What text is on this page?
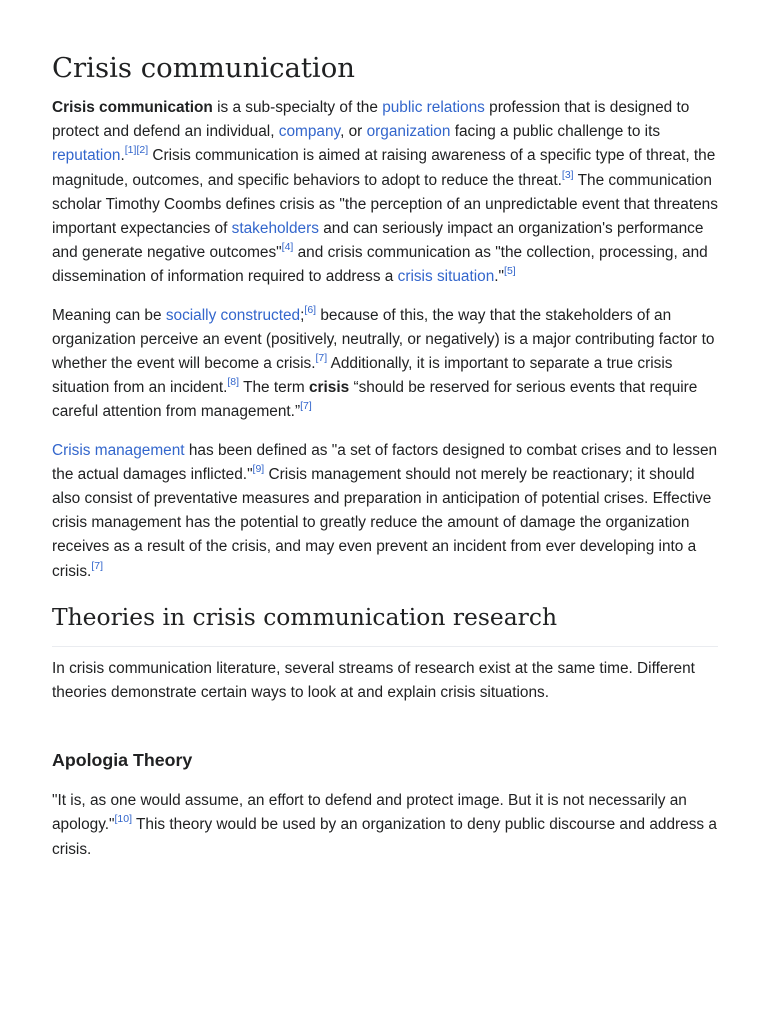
Crisis communication

Crisis communication is a sub-specialty of the public relations profession that is designed to protect and defend an individual, company, or organization facing a public challenge to its reputation.[1][2] Crisis communication is aimed at raising awareness of a specific type of threat, the magnitude, outcomes, and specific behaviors to adopt to reduce the threat.[3] The communication scholar Timothy Coombs defines crisis as "the perception of an unpredictable event that threatens important expectancies of stakeholders and can seriously impact an organization's performance and generate negative outcomes"[4] and crisis communication as "the collection, processing, and dissemination of information required to address a crisis situation."[5]

Meaning can be socially constructed;[6] because of this, the way that the stakeholders of an organization perceive an event (positively, neutrally, or negatively) is a major contributing factor to whether the event will become a crisis.[7] Additionally, it is important to separate a true crisis situation from an incident.[8] The term crisis “should be reserved for serious events that require careful attention from management.”[7]

Crisis management has been defined as "a set of factors designed to combat crises and to lessen the actual damages inflicted."[9] Crisis management should not merely be reactionary; it should also consist of preventative measures and preparation in anticipation of potential crises. Effective crisis management has the potential to greatly reduce the amount of damage the organization receives as a result of the crisis, and may even prevent an incident from ever developing into a crisis.[7]

Theories in crisis communication research

In crisis communication literature, several streams of research exist at the same time. Different theories demonstrate certain ways to look at and explain crisis situations.

Apologia Theory

"It is, as one would assume, an effort to defend and protect image. But it is not necessarily an apology."[10] This theory would be used by an organization to deny public discourse and address a crisis.
